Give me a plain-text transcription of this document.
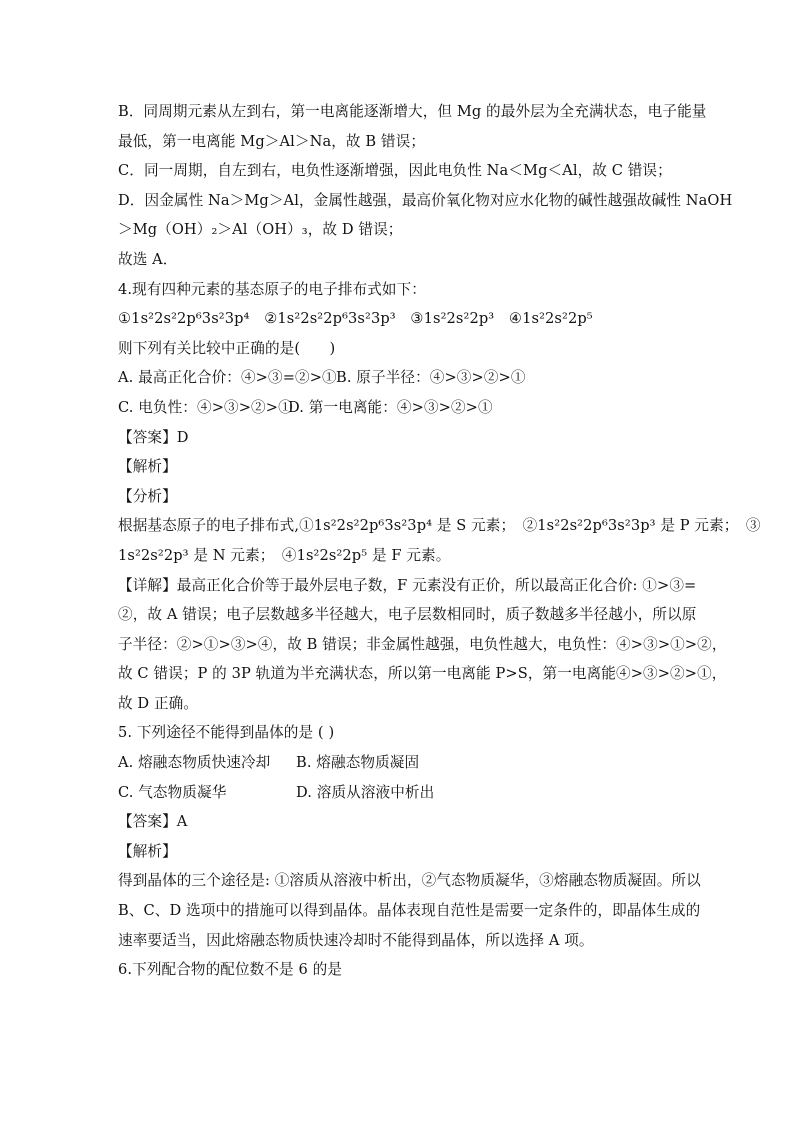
B．同周期元素从左到右，第一电离能逐渐增大，但 Mg 的最外层为全充满状态，电子能量
最低，第一电离能 Mg＞Al＞Na，故 B 错误；
C．同一周期，自左到右，电负性逐渐增强，因此电负性 Na＜Mg＜Al，故 C 错误；
D．因金属性 Na＞Mg＞Al，金属性越强，最高价氧化物对应水化物的碱性越强故碱性 NaOH
＞Mg（OH）₂＞Al（OH）₃，故 D 错误；
故选 A．
4.现有四种元素的基态原子的电子排布式如下：
①1s²2s²2p⁶3s²3p⁴　②1s²2s²2p⁶3s²3p³　③1s²2s²2p³　④1s²2s²2p⁵
则下列有关比较中正确的是(　　)
A. 最高正化合价：④>③=②>①B. 原子半径：④>③>②>①
C. 电负性：④>③>②>①D. 第一电离能：④>③>②>①
【答案】D
【解析】
【分析】
根据基态原子的电子排布式,①1s²2s²2p⁶3s²3p⁴ 是 S 元素；　②1s²2s²2p⁶3s²3p³ 是 P 元素；　③
1s²2s²2p³ 是 N 元素；　④1s²2s²2p⁵ 是 F 元素。
【详解】最高正化合价等于最外层电子数，F 元素没有正价，所以最高正化合价: ①>③=
②，故 A 错误；电子层数越多半径越大，电子层数相同时，质子数越多半径越小，所以原
子半径：②>①>③>④，故 B 错误；非金属性越强，电负性越大，电负性：④>③>①>②，
故 C 错误；P 的 3P 轨道为半充满状态，所以第一电离能 P>S，第一电离能④>③>②>①，
故 D 正确。
5. 下列途径不能得到晶体的是 ( )
A. 熔融态物质快速冷却 B. 熔融态物质凝固
C. 气态物质凝华	D. 溶质从溶液中析出
【答案】A
【解析】
得到晶体的三个途径是: ①溶质从溶液中析出，②气态物质凝华，③熔融态物质凝固。所以
B、C、D 选项中的措施可以得到晶体。晶体表现自范性是需要一定条件的，即晶体生成的
速率要适当，因此熔融态物质快速冷却时不能得到晶体，所以选择 A 项。
6.下列配合物的配位数不是 6 的是
